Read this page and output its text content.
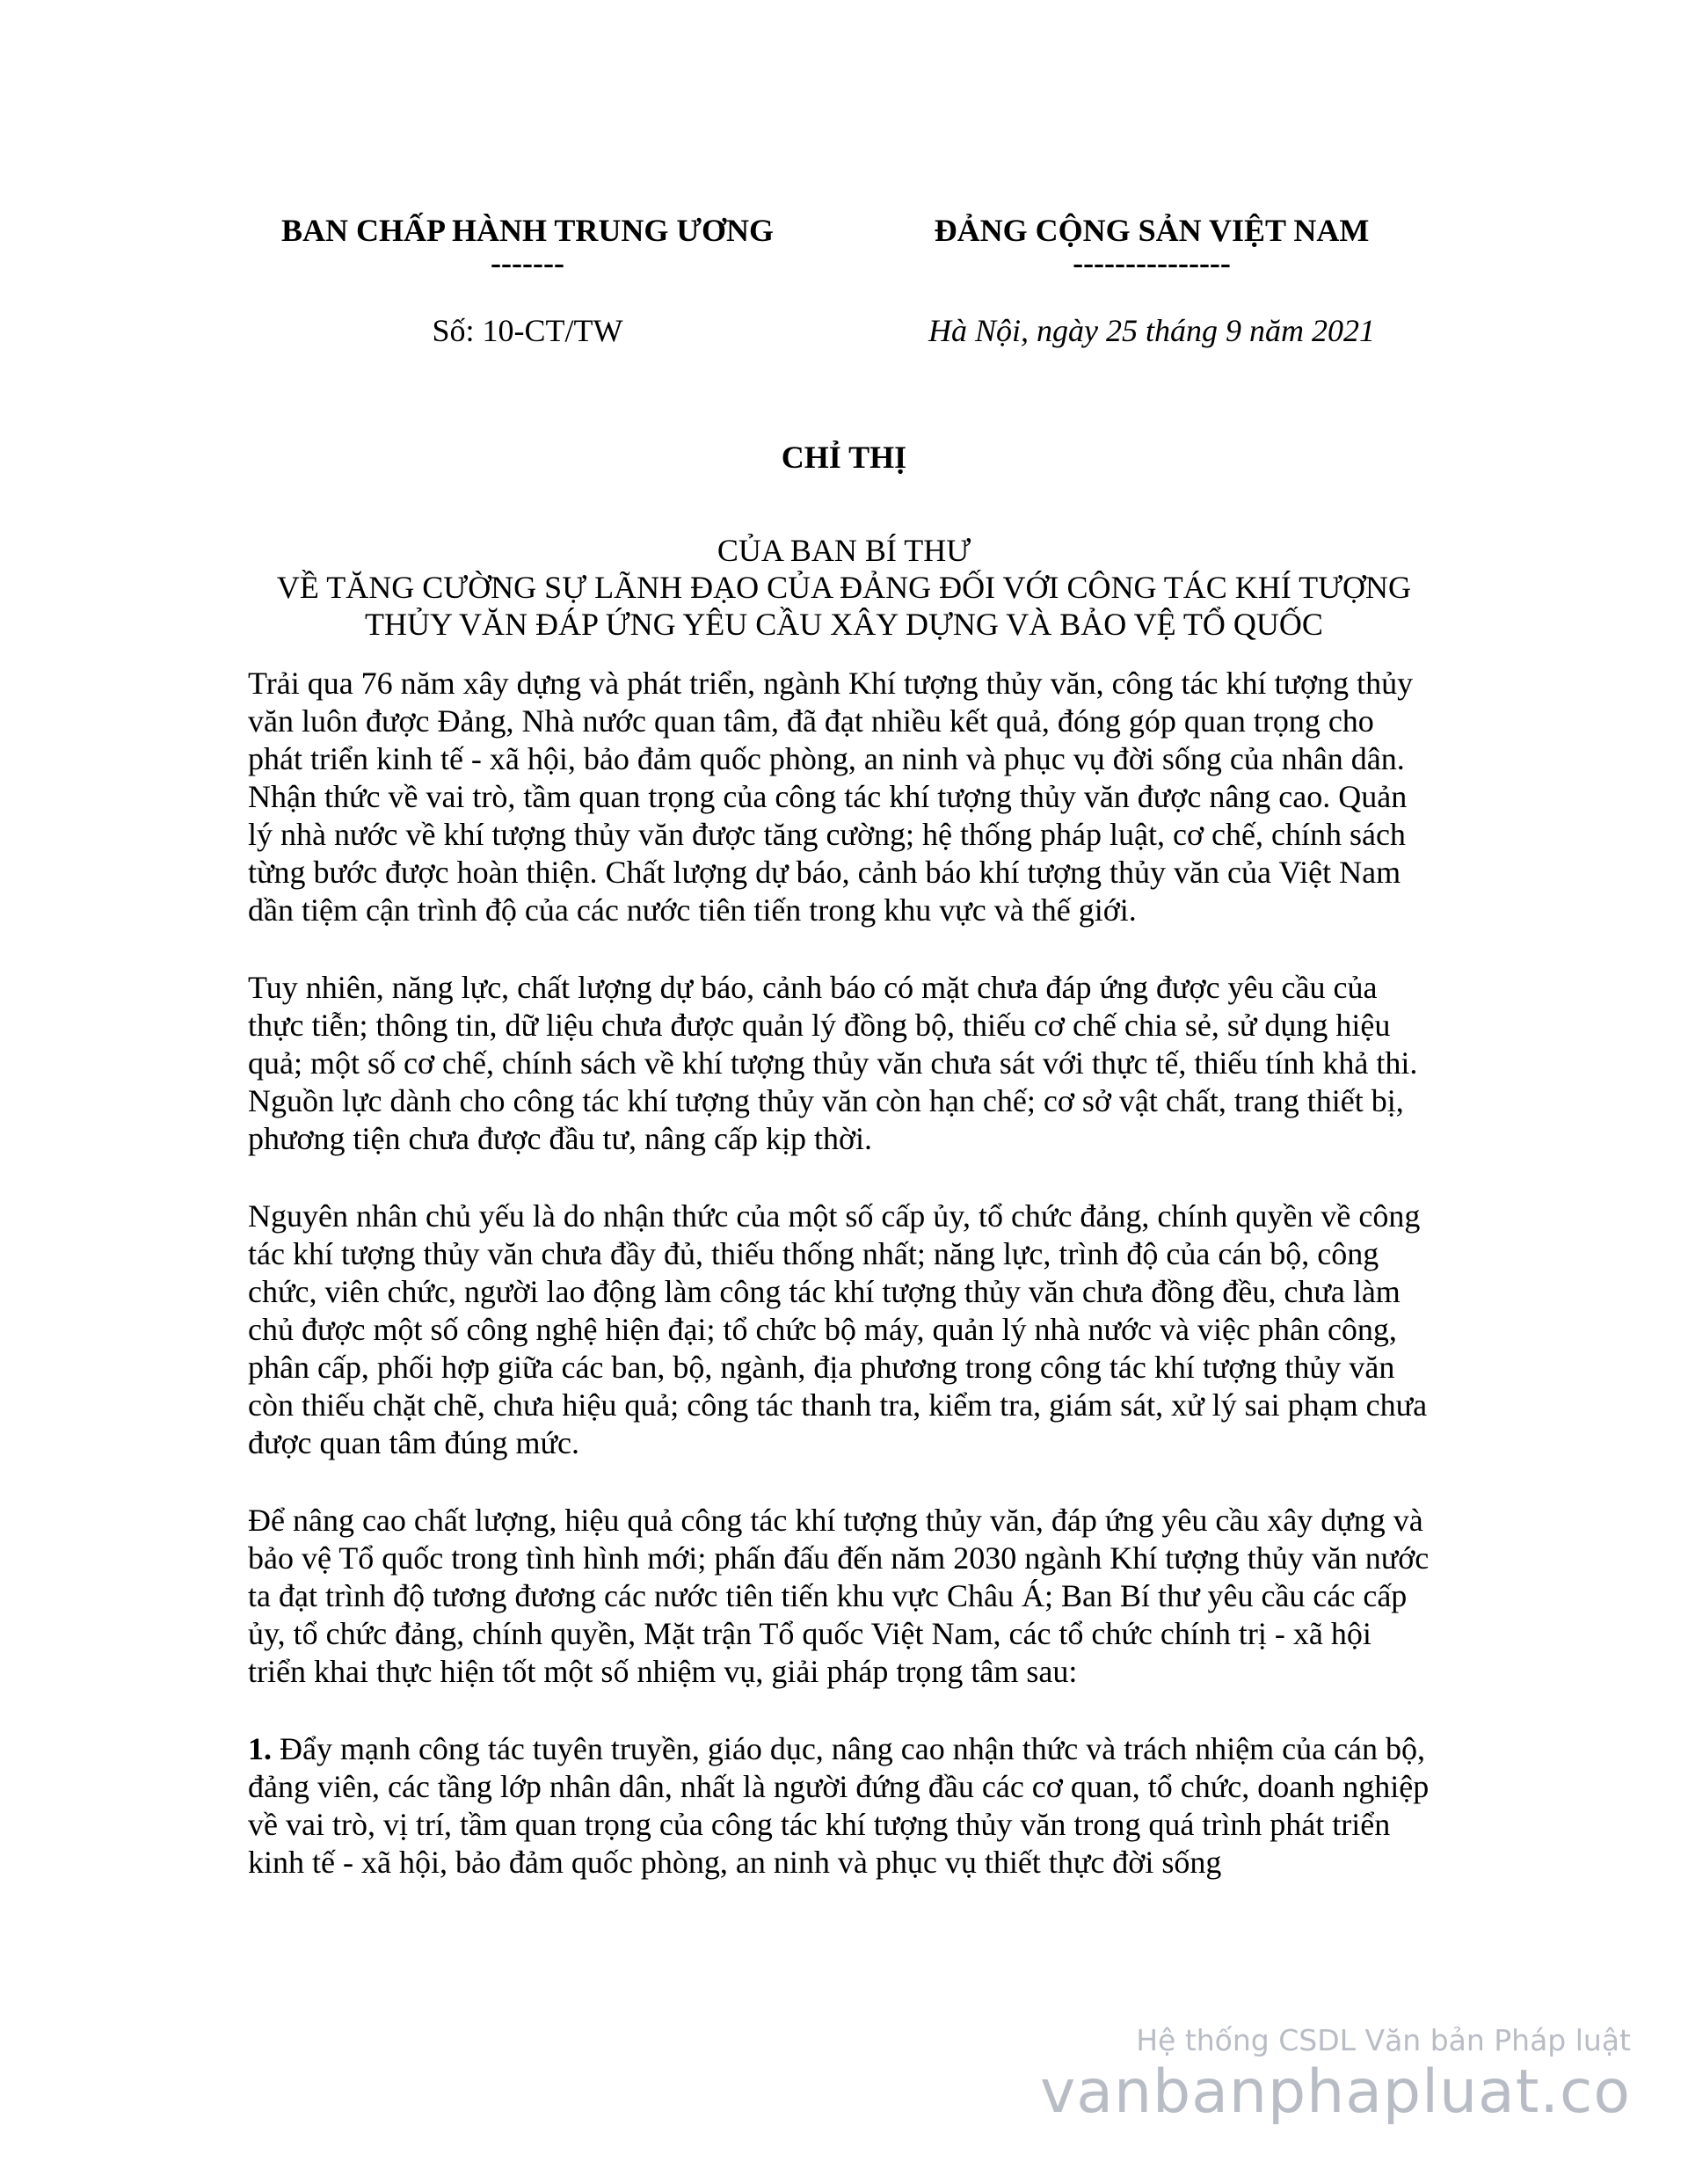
BAN CHẤP HÀNH TRUNG ƯƠNG
-------
Số: 10-CT/TW
ĐẢNG CỘNG SẢN VIỆT NAM
---------------
Hà Nội, ngày 25 tháng 9 năm 2021
CHỈ THỊ
CỦA BAN BÍ THƯ
VỀ TĂNG CƯỜNG SỰ LÃNH ĐẠO CỦA ĐẢNG ĐỐI VỚI CÔNG TÁC KHÍ TƯỢNG
THỦY VĂN ĐÁP ỨNG YÊU CẦU XÂY DỰNG VÀ BẢO VỆ TỔ QUỐC

Trải qua 76 năm xây dựng và phát triển, ngành Khí tượng thủy văn, công tác khí tượng thủy văn luôn được Đảng, Nhà nước quan tâm, đã đạt nhiều kết quả, đóng góp quan trọng cho phát triển kinh tế - xã hội, bảo đảm quốc phòng, an ninh và phục vụ đời sống của nhân dân. Nhận thức về vai trò, tầm quan trọng của công tác khí tượng thủy văn được nâng cao. Quản lý nhà nước về khí tượng thủy văn được tăng cường; hệ thống pháp luật, cơ chế, chính sách từng bước được hoàn thiện. Chất lượng dự báo, cảnh báo khí tượng thủy văn của Việt Nam dần tiệm cận trình độ của các nước tiên tiến trong khu vực và thế giới.

Tuy nhiên, năng lực, chất lượng dự báo, cảnh báo có mặt chưa đáp ứng được yêu cầu của thực tiễn; thông tin, dữ liệu chưa được quản lý đồng bộ, thiếu cơ chế chia sẻ, sử dụng hiệu quả; một số cơ chế, chính sách về khí tượng thủy văn chưa sát với thực tế, thiếu tính khả thi. Nguồn lực dành cho công tác khí tượng thủy văn còn hạn chế; cơ sở vật chất, trang thiết bị, phương tiện chưa được đầu tư, nâng cấp kịp thời.

Nguyên nhân chủ yếu là do nhận thức của một số cấp ủy, tổ chức đảng, chính quyền về công tác khí tượng thủy văn chưa đầy đủ, thiếu thống nhất; năng lực, trình độ của cán bộ, công chức, viên chức, người lao động làm công tác khí tượng thủy văn chưa đồng đều, chưa làm chủ được một số công nghệ hiện đại; tổ chức bộ máy, quản lý nhà nước và việc phân công, phân cấp, phối hợp giữa các ban, bộ, ngành, địa phương trong công tác khí tượng thủy văn còn thiếu chặt chẽ, chưa hiệu quả; công tác thanh tra, kiểm tra, giám sát, xử lý sai phạm chưa được quan tâm đúng mức.

Để nâng cao chất lượng, hiệu quả công tác khí tượng thủy văn, đáp ứng yêu cầu xây dựng và bảo vệ Tổ quốc trong tình hình mới; phấn đấu đến năm 2030 ngành Khí tượng thủy văn nước ta đạt trình độ tương đương các nước tiên tiến khu vực Châu Á; Ban Bí thư yêu cầu các cấp ủy, tổ chức đảng, chính quyền, Mặt trận Tổ quốc Việt Nam, các tổ chức chính trị - xã hội triển khai thực hiện tốt một số nhiệm vụ, giải pháp trọng tâm sau:

1. Đẩy mạnh công tác tuyên truyền, giáo dục, nâng cao nhận thức và trách nhiệm của cán bộ, đảng viên, các tầng lớp nhân dân, nhất là người đứng đầu các cơ quan, tổ chức, doanh nghiệp về vai trò, vị trí, tầm quan trọng của công tác khí tượng thủy văn trong quá trình phát triển kinh tế - xã hội, bảo đảm quốc phòng, an ninh và phục vụ thiết thực đời sống

Hệ thống CSDL Văn bản Pháp luật
vanbanphapluat.co
